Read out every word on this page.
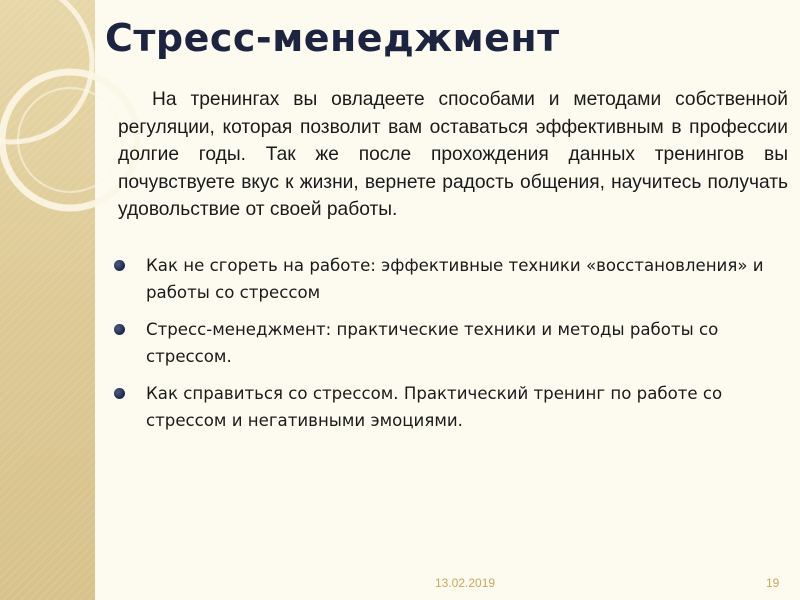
Стресс-менеджмент

На тренингах вы овладеете способами и методами собственной регуляции, которая позволит вам оставаться эффективным в профессии долгие годы. Так же после прохождения данных тренингов вы почувствуете вкус к жизни, вернете радость общения, научитесь получать удовольствие от своей работы.

Как не сгореть на работе: эффективные техники «восстановления» и работы со стрессом
Стресс-менеджмент: практические техники и методы работы со стрессом.
Как справиться со стрессом. Практический тренинг по работе со стрессом и негативными эмоциями.
13.02.2019	19
